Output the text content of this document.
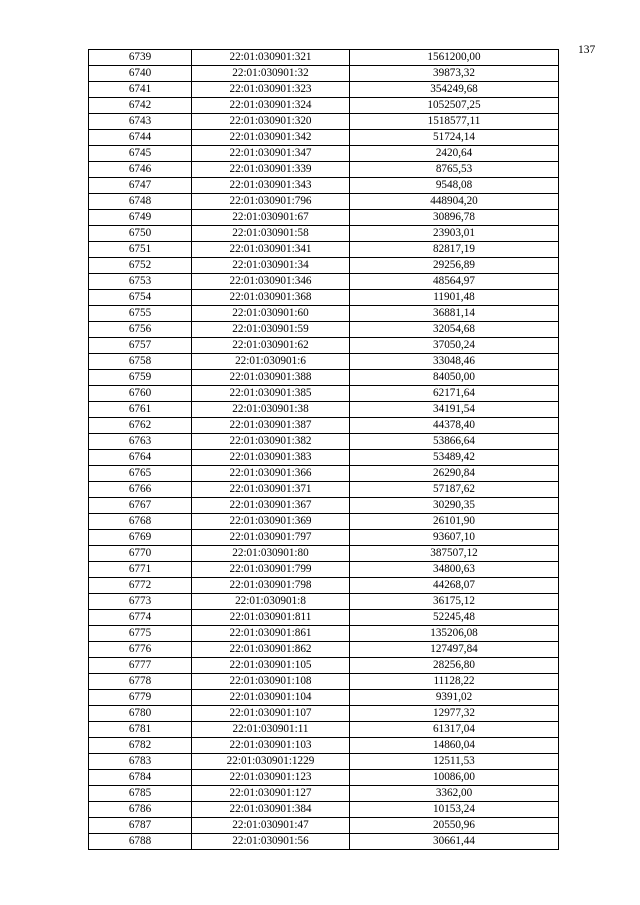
137
6739	22:01:030901:321	1561200,00
6740	22:01:030901:32	39873,32
6741	22:01:030901:323	354249,68
6742	22:01:030901:324	1052507,25
6743	22:01:030901:320	1518577,11
6744	22:01:030901:342	51724,14
6745	22:01:030901:347	2420,64
6746	22:01:030901:339	8765,53
6747	22:01:030901:343	9548,08
6748	22:01:030901:796	448904,20
6749	22:01:030901:67	30896,78
6750	22:01:030901:58	23903,01
6751	22:01:030901:341	82817,19
6752	22:01:030901:34	29256,89
6753	22:01:030901:346	48564,97
6754	22:01:030901:368	11901,48
6755	22:01:030901:60	36881,14
6756	22:01:030901:59	32054,68
6757	22:01:030901:62	37050,24
6758	22:01:030901:6	33048,46
6759	22:01:030901:388	84050,00
6760	22:01:030901:385	62171,64
6761	22:01:030901:38	34191,54
6762	22:01:030901:387	44378,40
6763	22:01:030901:382	53866,64
6764	22:01:030901:383	53489,42
6765	22:01:030901:366	26290,84
6766	22:01:030901:371	57187,62
6767	22:01:030901:367	30290,35
6768	22:01:030901:369	26101,90
6769	22:01:030901:797	93607,10
6770	22:01:030901:80	387507,12
6771	22:01:030901:799	34800,63
6772	22:01:030901:798	44268,07
6773	22:01:030901:8	36175,12
6774	22:01:030901:811	52245,48
6775	22:01:030901:861	135206,08
6776	22:01:030901:862	127497,84
6777	22:01:030901:105	28256,80
6778	22:01:030901:108	11128,22
6779	22:01:030901:104	9391,02
6780	22:01:030901:107	12977,32
6781	22:01:030901:11	61317,04
6782	22:01:030901:103	14860,04
6783	22:01:030901:1229	12511,53
6784	22:01:030901:123	10086,00
6785	22:01:030901:127	3362,00
6786	22:01:030901:384	10153,24
6787	22:01:030901:47	20550,96
6788	22:01:030901:56	30661,44
